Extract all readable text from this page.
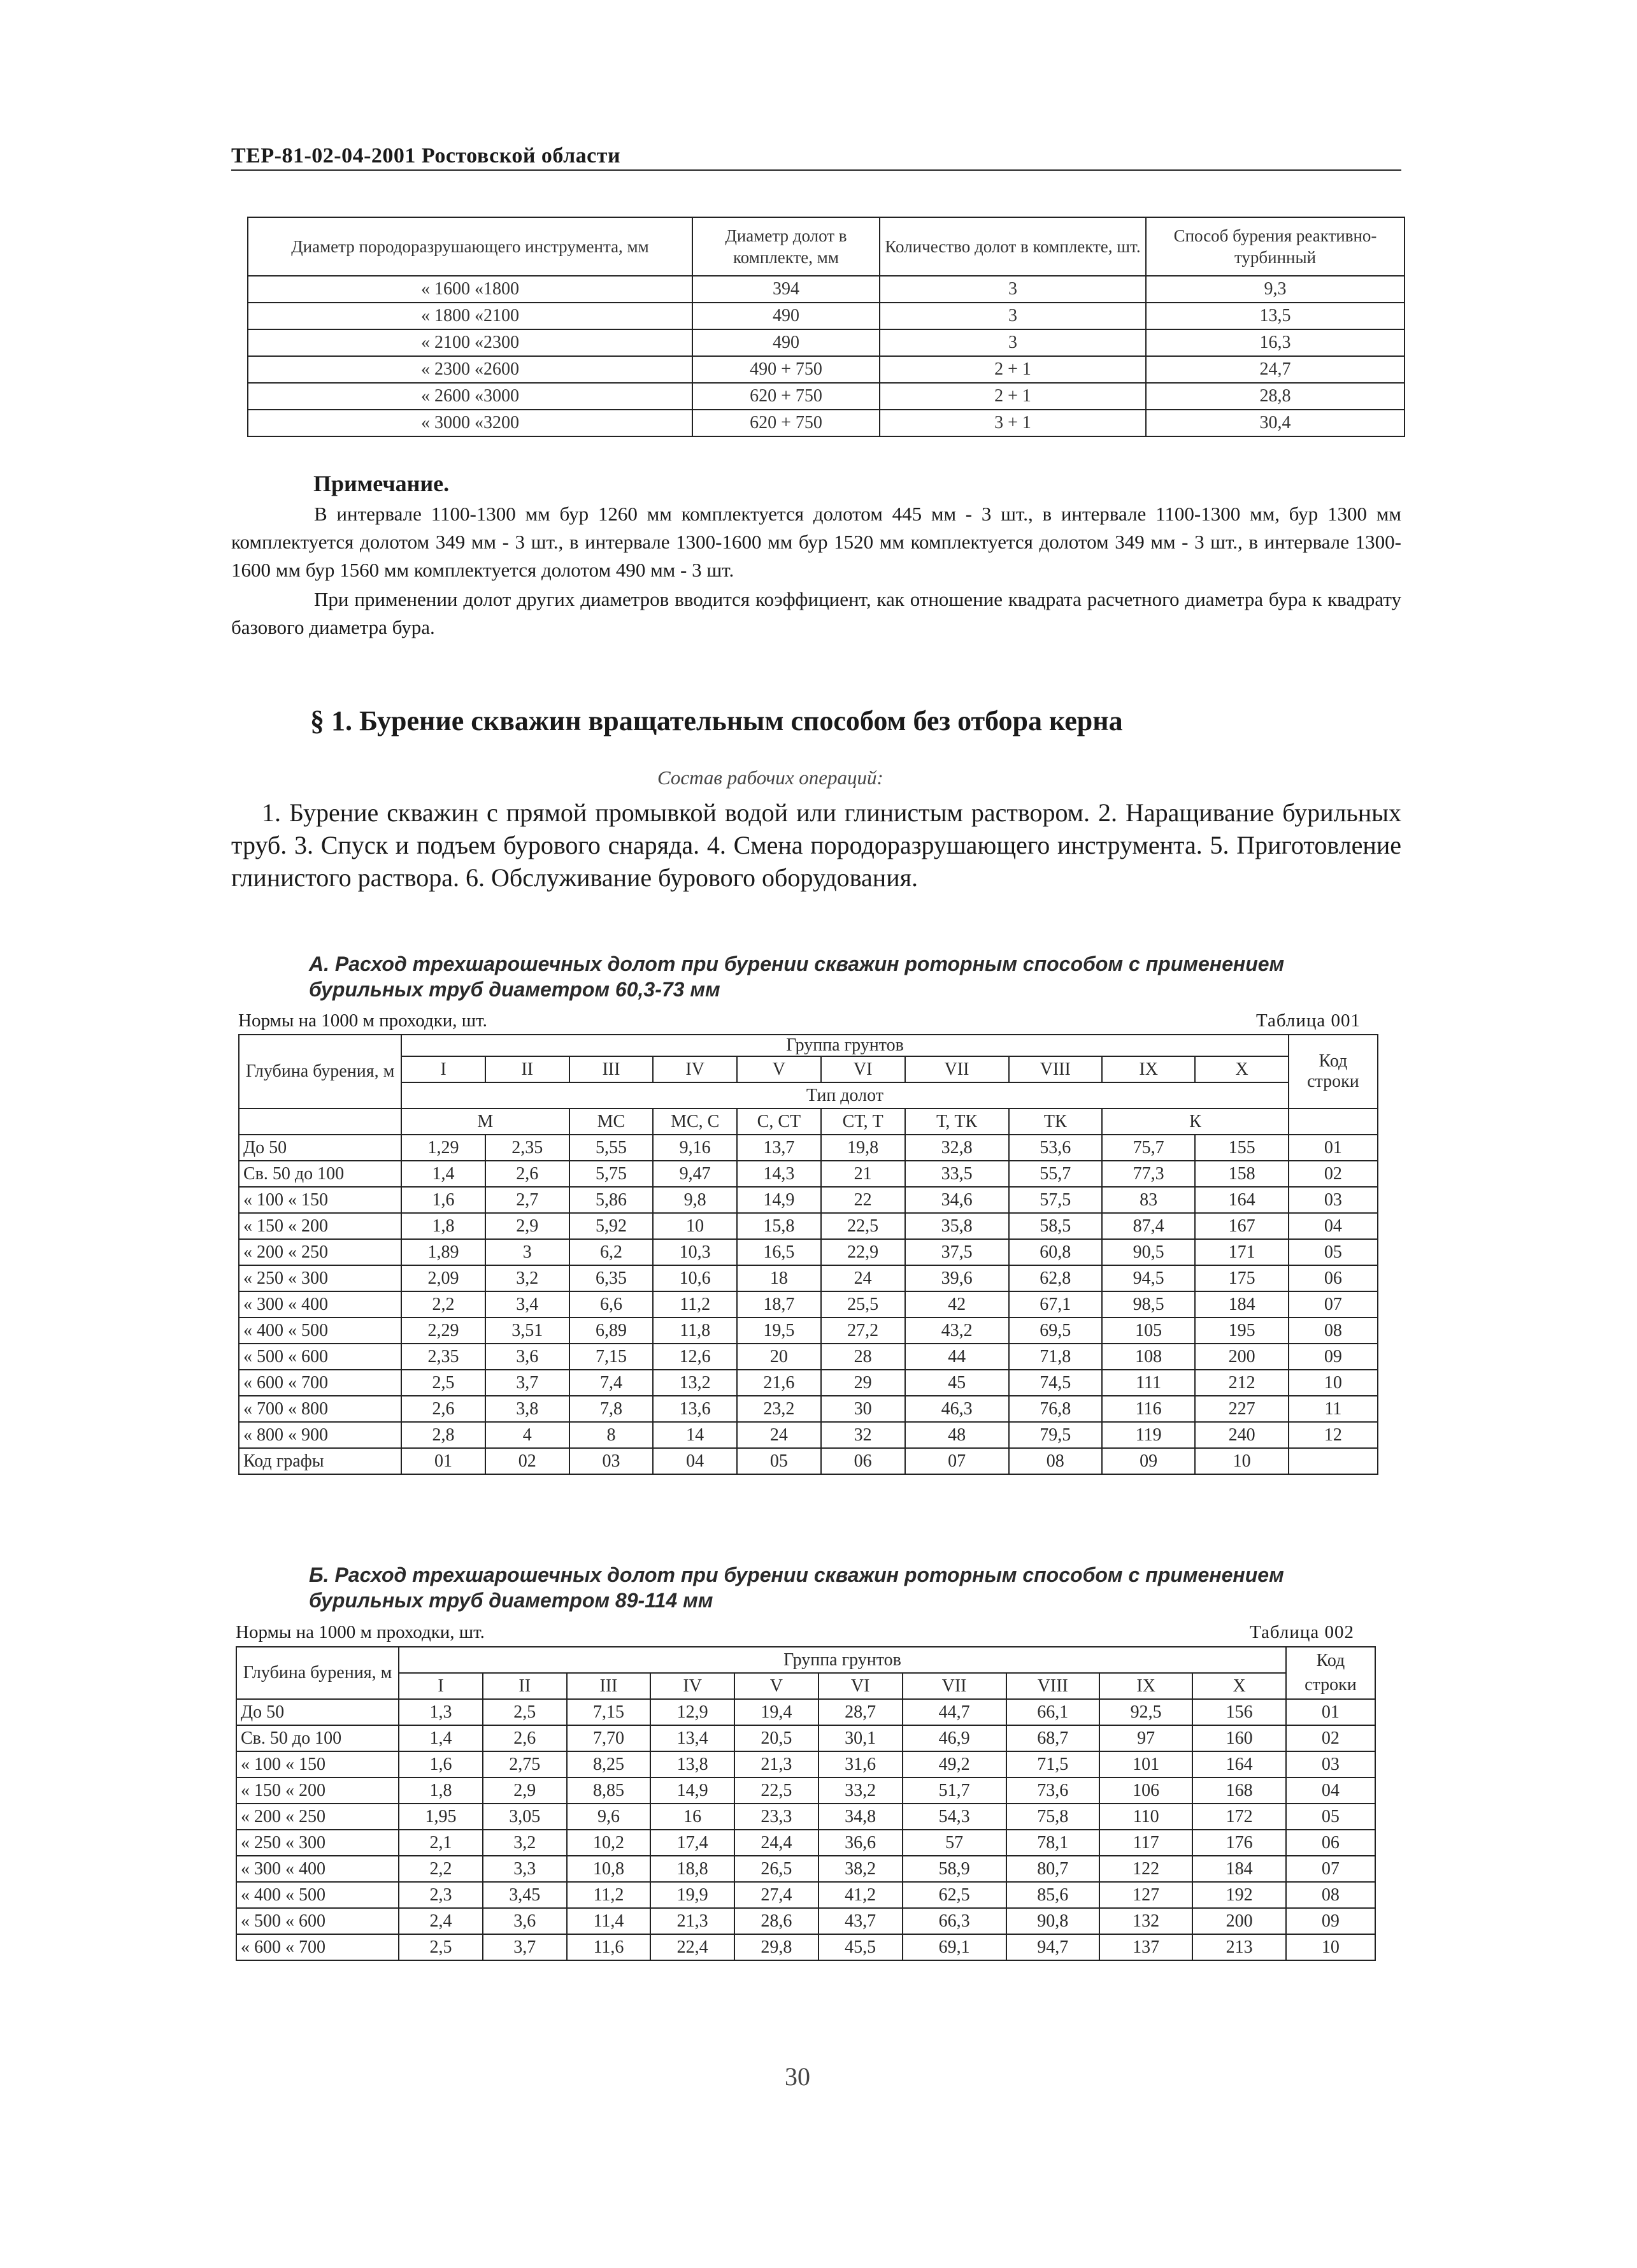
ТЕР-81-02-04-2001 Ростовской области
Диаметр породоразрушающего инструмента, мм	Диаметр долот в комплекте, мм	Количество долот в комплекте, шт.	Способ бурения реактивно-турбинный
« 1600 «1800	394	3	9,3
« 1800 «2100	490	3	13,5
« 2100 «2300	490	3	16,3
« 2300 «2600	490 + 750	2 + 1	24,7
« 2600 «3000	620 + 750	2 + 1	28,8
« 3000 «3200	620 + 750	3 + 1	30,4
Примечание.
В интервале 1100-1300 мм бур 1260 мм комплектуется долотом 445 мм - 3 шт., в интервале 1100-1300 мм, бур 1300 мм комплектуется долотом 349 мм - 3 шт., в интервале 1300-1600 мм бур 1520 мм комплектуется долотом 349 мм - 3 шт., в интервале 1300-1600 мм бур 1560 мм комплектуется долотом 490 мм - 3 шт.
При применении долот других диаметров вводится коэффициент, как отношение квадрата расчетного диаметра бура к квадрату базового диаметра бура.
§ 1. Бурение скважин вращательным способом без отбора керна
Состав рабочих операций:
1. Бурение скважин с прямой промывкой водой или глинистым раствором. 2. Наращивание бурильных труб. 3. Спуск и подъем бурового снаряда. 4. Смена породоразрушающего инструмента. 5. Приготовление глинистого раствора. 6. Обслуживание бурового оборудования.
А. Расход трехшарошечных долот при бурении скважин роторным способом с применением бурильных труб диаметром 60,3-73 мм
Нормы на 1000 м проходки, шт.	Таблица 001
Глубина бурения, м	Группа грунтов										Код строки
	I	II	III	IV	V	VI	VII	VIII	IX	X	
	Тип долот										
	М		МС	МС, С	С, СТ	СТ, Т	Т, ТК	ТК	К	
До 50	1,29	2,35	5,55	9,16	13,7	19,8	32,8	53,6	75,7	155	01
Св. 50 до 100	1,4	2,6	5,75	9,47	14,3	21	33,5	55,7	77,3	158	02
« 100 « 150	1,6	2,7	5,86	9,8	14,9	22	34,6	57,5	83	164	03
« 150 « 200	1,8	2,9	5,92	10	15,8	22,5	35,8	58,5	87,4	167	04
« 200 « 250	1,89	3	6,2	10,3	16,5	22,9	37,5	60,8	90,5	171	05
« 250 « 300	2,09	3,2	6,35	10,6	18	24	39,6	62,8	94,5	175	06
« 300 « 400	2,2	3,4	6,6	11,2	18,7	25,5	42	67,1	98,5	184	07
« 400 « 500	2,29	3,51	6,89	11,8	19,5	27,2	43,2	69,5	105	195	08
« 500 « 600	2,35	3,6	7,15	12,6	20	28	44	71,8	108	200	09
« 600 « 700	2,5	3,7	7,4	13,2	21,6	29	45	74,5	111	212	10
« 700 « 800	2,6	3,8	7,8	13,6	23,2	30	46,3	76,8	116	227	11
« 800 « 900	2,8	4	8	14	24	32	48	79,5	119	240	12
Код графы	01	02	03	04	05	06	07	08	09	10	
Б. Расход трехшарошечных долот при бурении скважин роторным способом с применением бурильных труб диаметром 89-114 мм
Нормы на 1000 м проходки, шт.	Таблица 002
Глубина бурения, м	Группа грунтов										Код строки
	I	II	III	IV	V	VI	VII	VIII	IX	X	
До 50	1,3	2,5	7,15	12,9	19,4	28,7	44,7	66,1	92,5	156	01
Св. 50 до 100	1,4	2,6	7,70	13,4	20,5	30,1	46,9	68,7	97	160	02
« 100 « 150	1,6	2,75	8,25	13,8	21,3	31,6	49,2	71,5	101	164	03
« 150 « 200	1,8	2,9	8,85	14,9	22,5	33,2	51,7	73,6	106	168	04
« 200 « 250	1,95	3,05	9,6	16	23,3	34,8	54,3	75,8	110	172	05
« 250 « 300	2,1	3,2	10,2	17,4	24,4	36,6	57	78,1	117	176	06
« 300 « 400	2,2	3,3	10,8	18,8	26,5	38,2	58,9	80,7	122	184	07
« 400 « 500	2,3	3,45	11,2	19,9	27,4	41,2	62,5	85,6	127	192	08
« 500 « 600	2,4	3,6	11,4	21,3	28,6	43,7	66,3	90,8	132	200	09
« 600 « 700	2,5	3,7	11,6	22,4	29,8	45,5	69,1	94,7	137	213	10
30
